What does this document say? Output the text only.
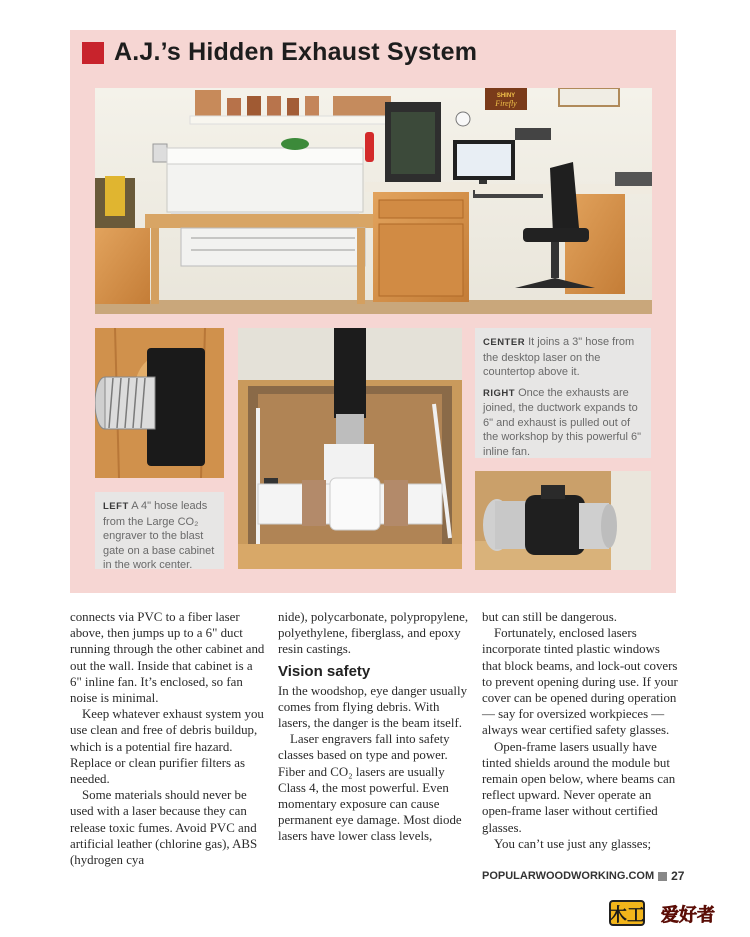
A.J.’s Hidden Exhaust System
SHINY
Firefly
LEFT A 4" hose leads from the Large CO₂ engraver to the blast gate on a base cabinet in the work center.
CENTER It joins a 3" hose from the desktop laser on the countertop above it.
RIGHT Once the exhausts are joined, the ductwork expands to 6" and exhaust is pulled out of the workshop by this powerful 6" inline fan.

connects via PVC to a fiber laser above, then jumps up to a 6" duct running through the other cabinet and out the wall. Inside that cabinet is a 6" inline fan. It’s enclosed, so fan noise is minimal.

Keep whatever exhaust system you use clean and free of debris buildup, which is a potential fire hazard. Replace or clean purifier filters as needed.

Some materials should never be used with a laser because they can release toxic fumes. Avoid PVC and artificial leather (chlorine gas), ABS (hydrogen cya

nide), polycarbonate, polypropylene, polyethylene, fiberglass, and epoxy resin castings.

Vision safety

In the woodshop, eye danger usually comes from flying debris. With lasers, the danger is the beam itself.

Laser engravers fall into safety classes based on type and power. Fiber and CO₂ lasers are usually Class 4, the most powerful. Even momentary exposure can cause permanent eye damage. Most diode lasers have lower class levels,

but can still be dangerous.

Fortunately, enclosed lasers incorporate tinted plastic windows that block beams, and lock-out covers to prevent opening during use. If your cover can be opened during operation — say for oversized workpieces — always wear certified safety glasses.

Open-frame lasers usually have tinted shields around the module but remain open below, where beams can reflect upward. Never operate an open-frame laser without certified glasses.

You can’t use just any glasses;

POPULARWOODWORKING.COM 27
木工 爱好者
